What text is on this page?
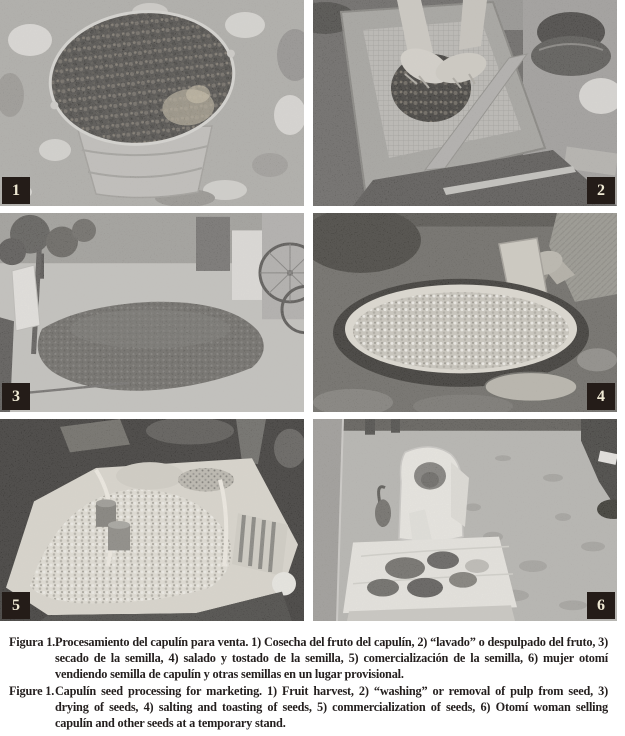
1	2
3	4
5	6
Figura 1. Procesamiento del capulín para venta. 1) Cosecha del fruto del capulín, 2) “lavado” o despulpado del fruto, 3) secado de la semilla, 4) salado y tostado de la semilla, 5) comercialización de la semilla, 6) mujer otomí vendiendo semilla de capulín y otras semillas en un lugar provisional.
Figure 1. Capulín seed processing for marketing. 1) Fruit harvest, 2) “washing” or removal of pulp from seed, 3) drying of seeds, 4) salting and toasting of seeds, 5) commercialization of seeds, 6) Otomí woman selling capulín and other seeds at a temporary stand.
